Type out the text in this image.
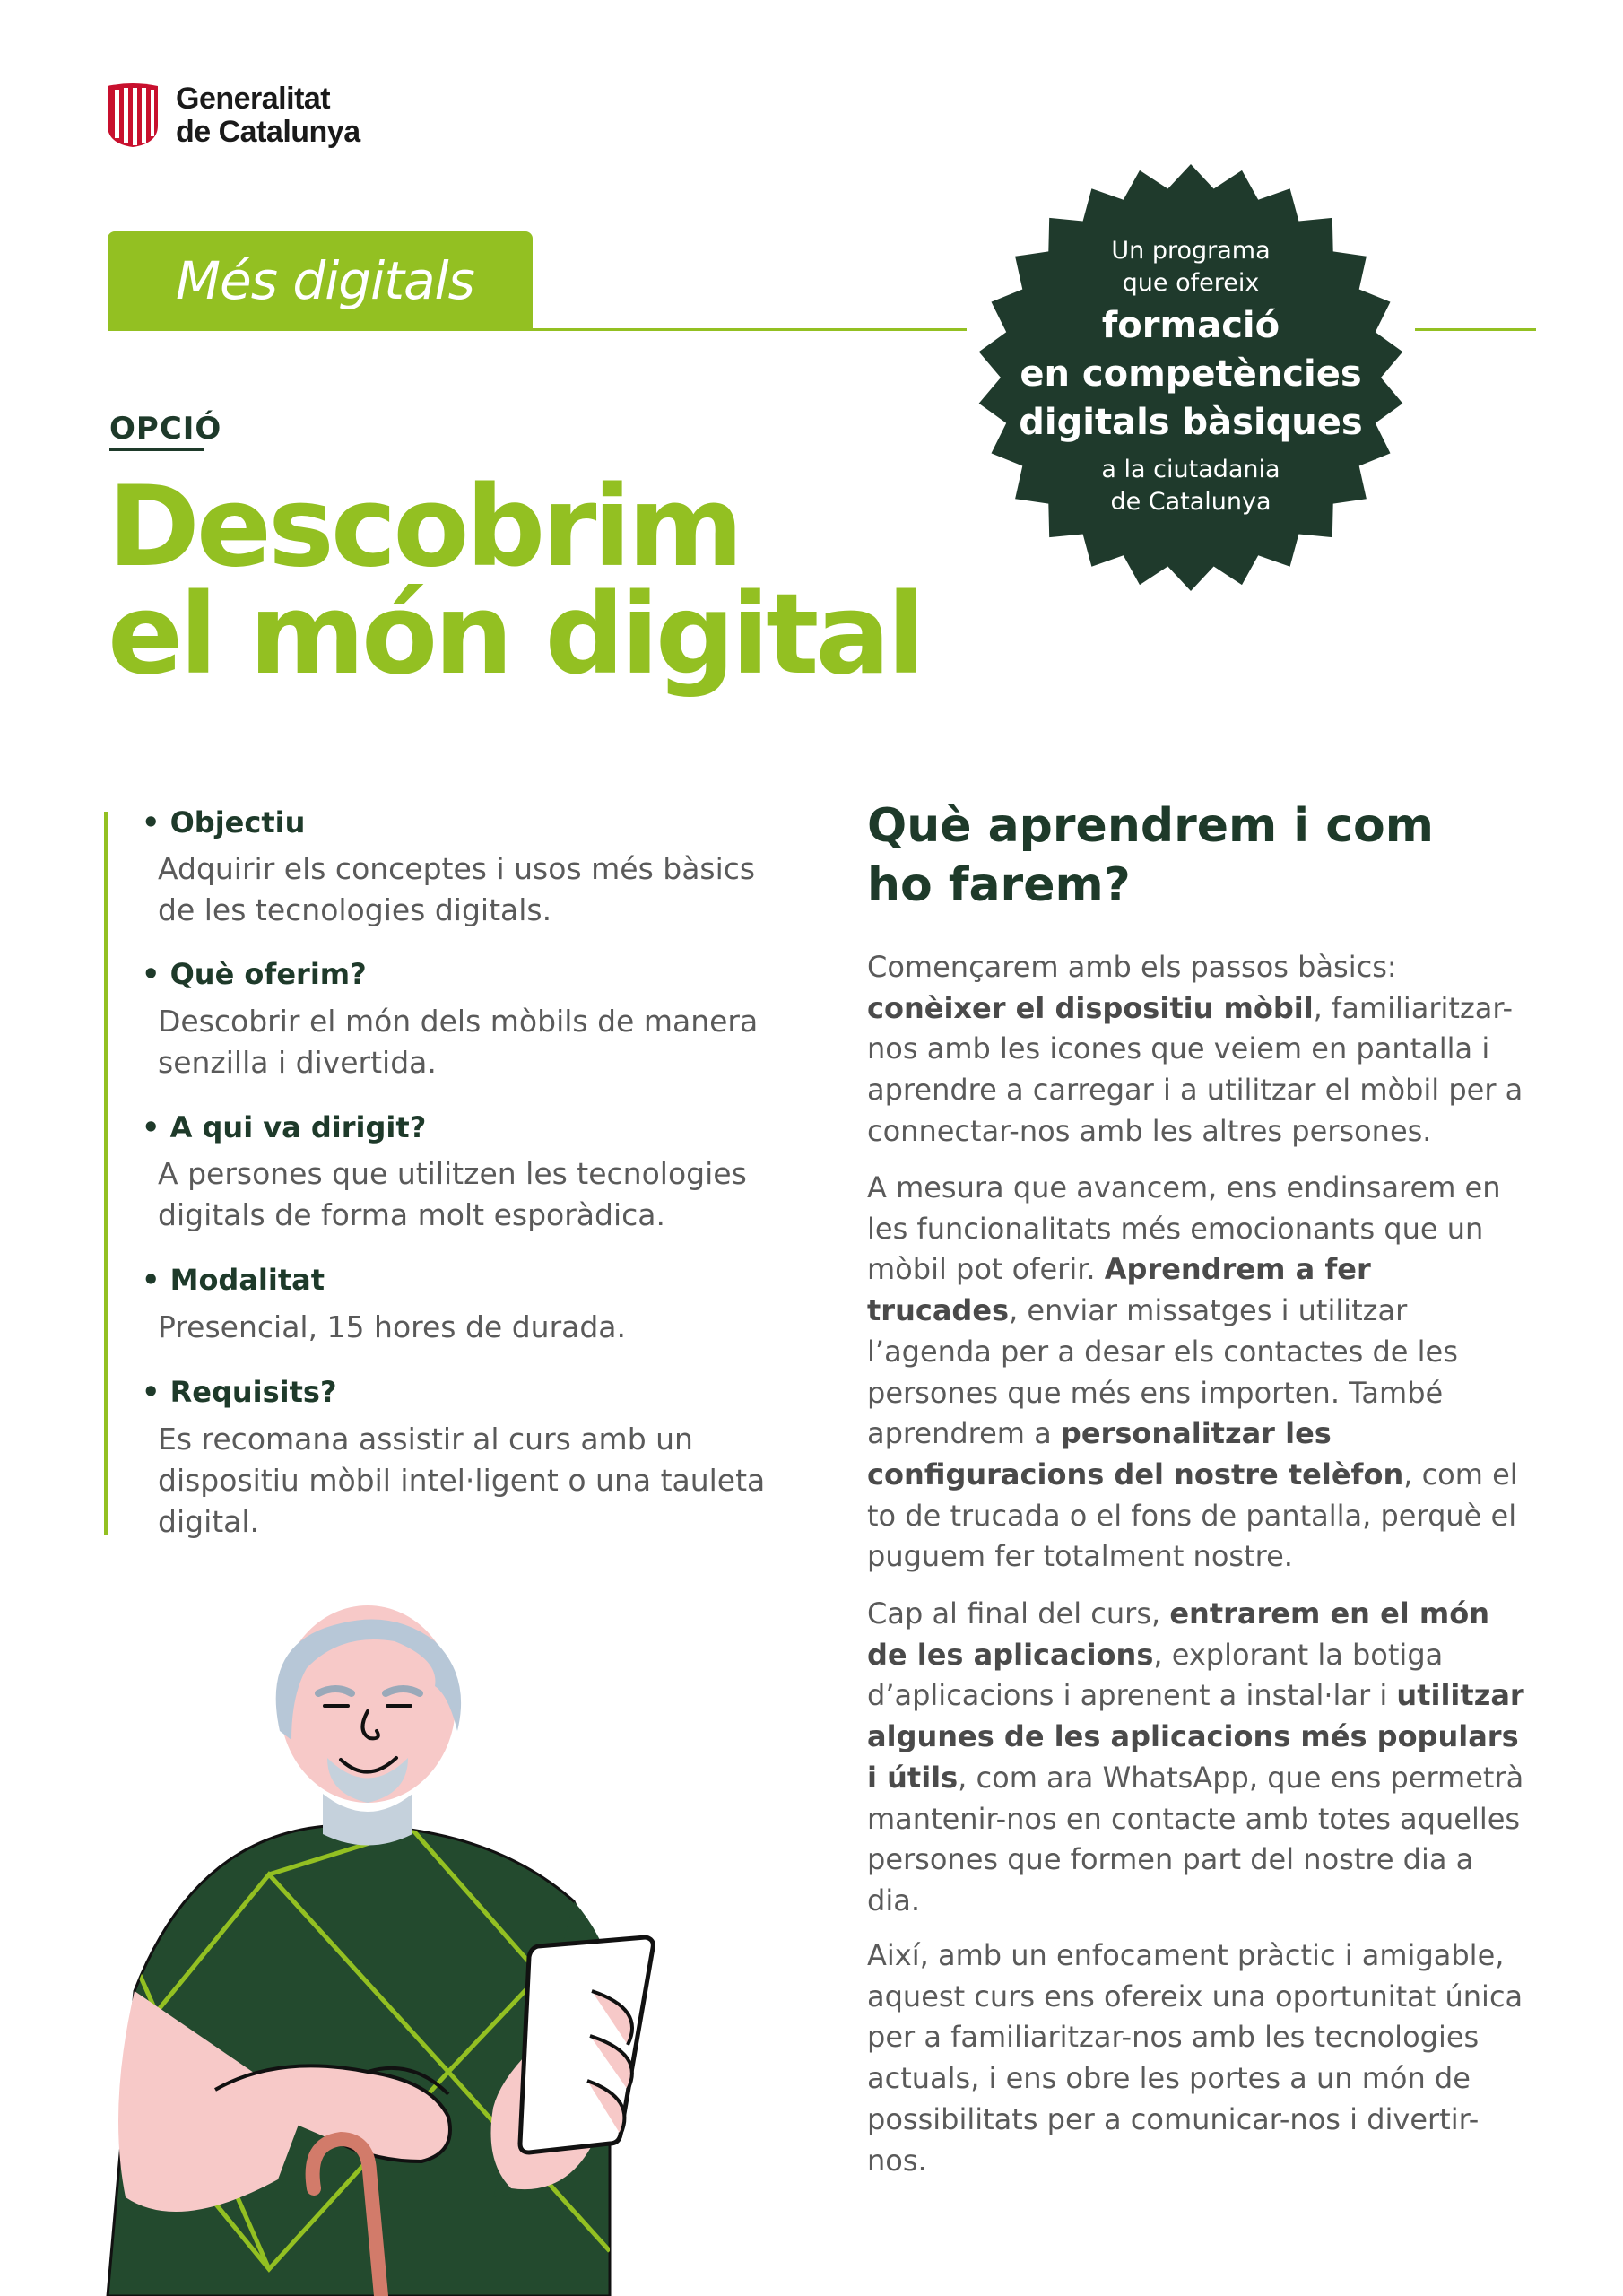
Generalitat
de Catalunya
Més digitals	Un programa
que ofereix
formació
en competències
digitals bàsiques
a la ciutadania
de Catalunya
OPCIÓ
Descobrim
el món digital
• Objectiu
Adquirir els conceptes i usos més bàsics de les tecnologies digitals.
• Què oferim?
Descobrir el món dels mòbils de manera senzilla i divertida.
• A qui va dirigit?
A persones que utilitzen les tecnologies digitals de forma molt esporàdica.
• Modalitat
Presencial, 15 hores de durada.
• Requisits?
Es recomana assistir al curs amb un dispositiu mòbil intel·ligent o una tauleta digital.
Què aprendrem i com ho farem?
Començarem amb els passos bàsics: conèixer el dispositiu mòbil, familiaritzar-nos amb les icones que veiem en pantalla i aprendre a carregar i a utilitzar el mòbil per a connectar-nos amb les altres persones.
A mesura que avancem, ens endinsarem en les funcionalitats més emocionants que un mòbil pot oferir. Aprendrem a fer trucades, enviar missatges i utilitzar l’agenda per a desar els contactes de les persones que més ens importen. També aprendrem a personalitzar les configuracions del nostre telèfon, com el to de trucada o el fons de pantalla, perquè el puguem fer totalment nostre.
Cap al final del curs, entrarem en el món de les aplicacions, explorant la botiga d’aplicacions i aprenent a instal·lar i utilitzar algunes de les aplicacions més populars i útils, com ara WhatsApp, que ens permetrà mantenir-nos en contacte amb totes aquelles persones que formen part del nostre dia a dia.
Així, amb un enfocament pràctic i amigable, aquest curs ens ofereix una oportunitat única per a familiaritzar-nos amb les tecnologies actuals, i ens obre les portes a un món de possibilitats per a comunicar-nos i divertir-nos.
